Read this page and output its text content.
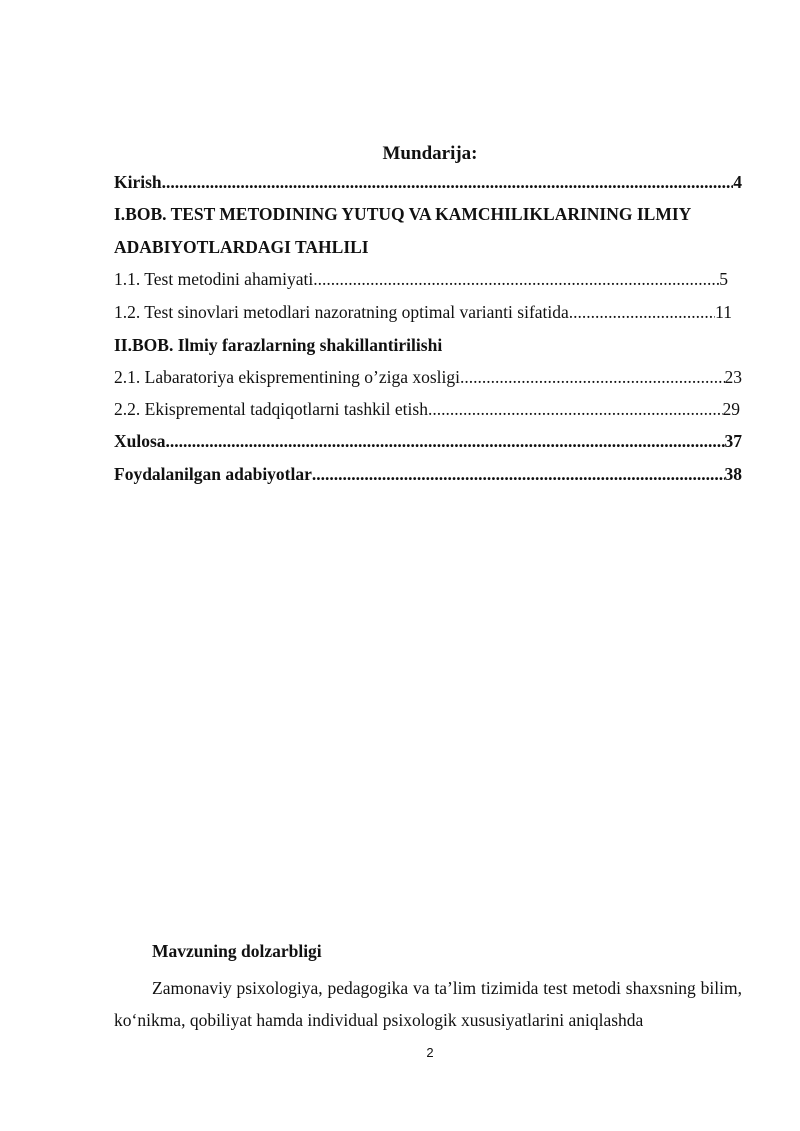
Mundarija:
Kirish .....	4
I.BOB. TEST METODINING YUTUQ VA KAMCHILIKLARINING ILMIY
ADABIYOTLARDAGI TAHLILI
1.1. Test metodini ahamiyati .....	5
1.2. Test sinovlari metodlari nazoratning optimal varianti sifatida .....	11
II.BOB. Ilmiy farazlarning shakillantirilishi
2.1. Labaratoriya ekisprementining o’ziga xosligi .....	23
2.2. Ekispremental tadqiqotlarni tashkil etish .....	29
Xulosa .....	37
Foydalanilgan adabiyotlar .....	38
Mavzuning dolzarbligi
Zamonaviy psixologiya, pedagogika va ta’lim tizimida test metodi shaxsning bilim, ko‘nikma, qobiliyat hamda individual psixologik xususiyatlarini aniqlashda
2
